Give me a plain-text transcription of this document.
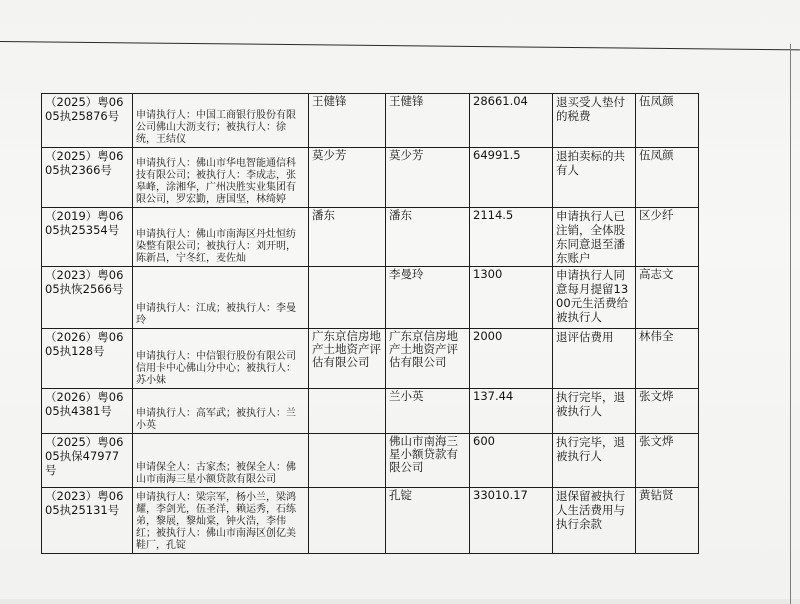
（2025）粤0605执25876号	申请执行人：中国工商银行股份有限公司佛山大沥支行；被执行人：徐统，王结仪	王健锋	王健锋	28661.04	退买受人垫付的税费	伍凤颜
（2025）粤0605执2366号	申请执行人：佛山市华电智能通信科技有限公司；被执行人：李成志，张皋峰，涂湘华，广州决胜实业集团有限公司，罗宏勤，唐国坚，林绮婷	莫少芳	莫少芳	64991.5	退拍卖标的共有人	伍凤颜
（2019）粤0605执25354号	申请执行人：佛山市南海区丹灶恒纺染整有限公司；被执行人：刘开明，陈新昌，宁冬红，麦佐灿	潘东	潘东	2114.5	申请执行人已注销，全体股东同意退至潘东账户	区少纤
（2023）粤0605执恢2566号	申请执行人：江成；被执行人：李曼玲		李曼玲	1300	申请执行人同意每月提留1300元生活费给被执行人	高志文
（2026）粤0605执128号	申请执行人：中信银行股份有限公司信用卡中心佛山分中心；被执行人：苏小妹	广东京信房地产土地资产评估有限公司	广东京信房地产土地资产评估有限公司	2000	退评估费用	林伟全
（2026）粤0605执4381号	申请执行人：高军武；被执行人：兰小英		兰小英	137.44	执行完毕，退被执行人	张文烨
（2025）粤0605执保47977号	申请保全人：古家杰；被保全人：佛山市南海三星小额贷款有限公司		佛山市南海三星小额贷款有限公司	600	执行完毕，退被执行人	张文烨
（2023）粤0605执25131号	申请执行人：梁宗军，杨小兰，梁鸿耀，李剑光，伍圣洋，赖运秀，石练弟，黎展，黎灿棠，钟火浩，李伟红；被执行人：佛山市南海区创亿美鞋厂，孔锭		孔锭	33010.17	退保留被执行人生活费用与执行余款	黄钻贤
